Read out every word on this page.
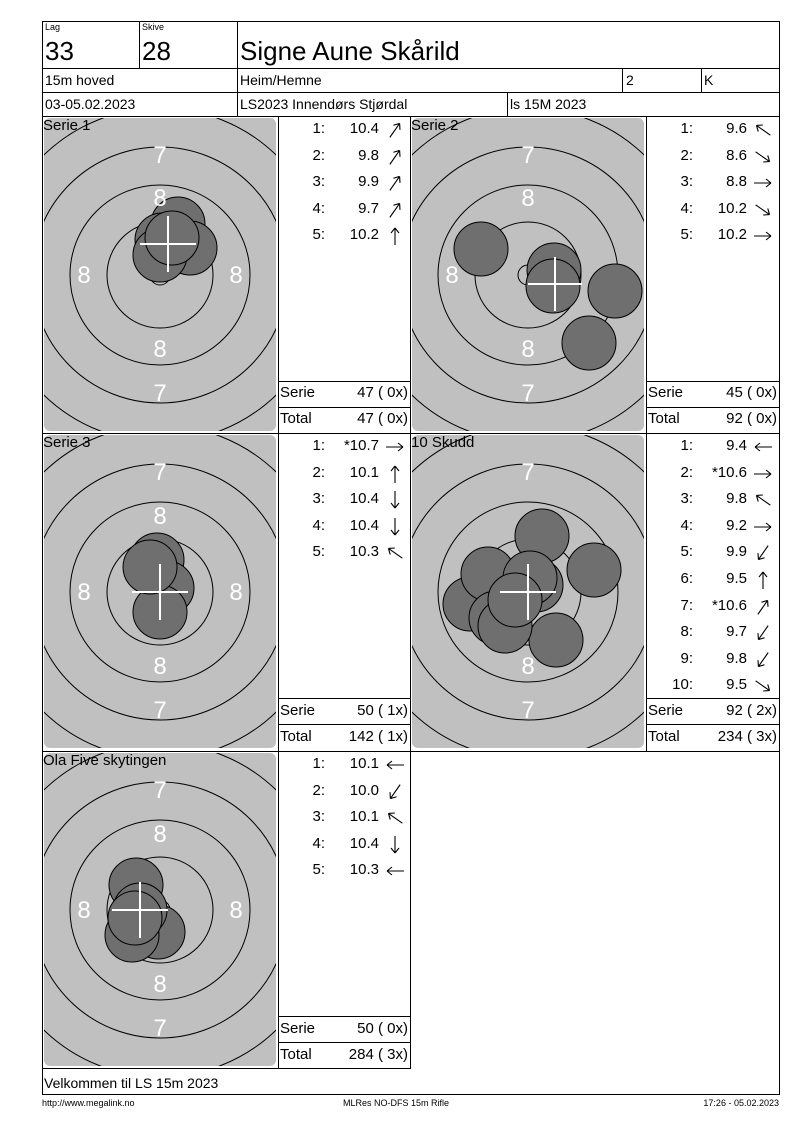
Lag
33
Skive
28	Signe Aune Skårild
15m hoved	Heim/Hemne	2	K
03-05.02.2023	LS2023 Innendørs Stjørdal	ls 15M 2023
7
8
8
7
8	8
7
8
8
7
8
7
8
8
7
8	8
7
8
7
7
8
8
7
8	8
Serie 1	Serie 2
Serie 3	10 Skudd
Ola Five skytingen
1:	10.4
2:	9.8
3:	9.9
4:	9.7
5:	10.2
1:	9.6
2:	8.6
3:	8.8
4:	10.2
5:	10.2
1:	*10.7
2:	10.1
3:	10.4
4:	10.4
5:	10.3
1:	9.4
2:	*10.6
3:	9.8
4:	9.2
5:	9.9
6:	9.5
7:	*10.6
8:	9.7
9:	9.8
10:	9.5
1:	10.1
2:	10.0
3:	10.1
4:	10.4
5:	10.3
Serie	47 ( 0x)
Total	47 ( 0x)
Serie	45 ( 0x)
Total	92 ( 0x)
Serie	50 ( 1x)
Total 142 ( 1x)
Serie	92 ( 2x)
Total	234 ( 3x)
Serie	50 ( 0x)
Total 284 ( 3x)
Velkommen til LS 15m 2023
http://www.megalink.no	MLRes NO-DFS 15m Rifle	17:26 - 05.02.2023
